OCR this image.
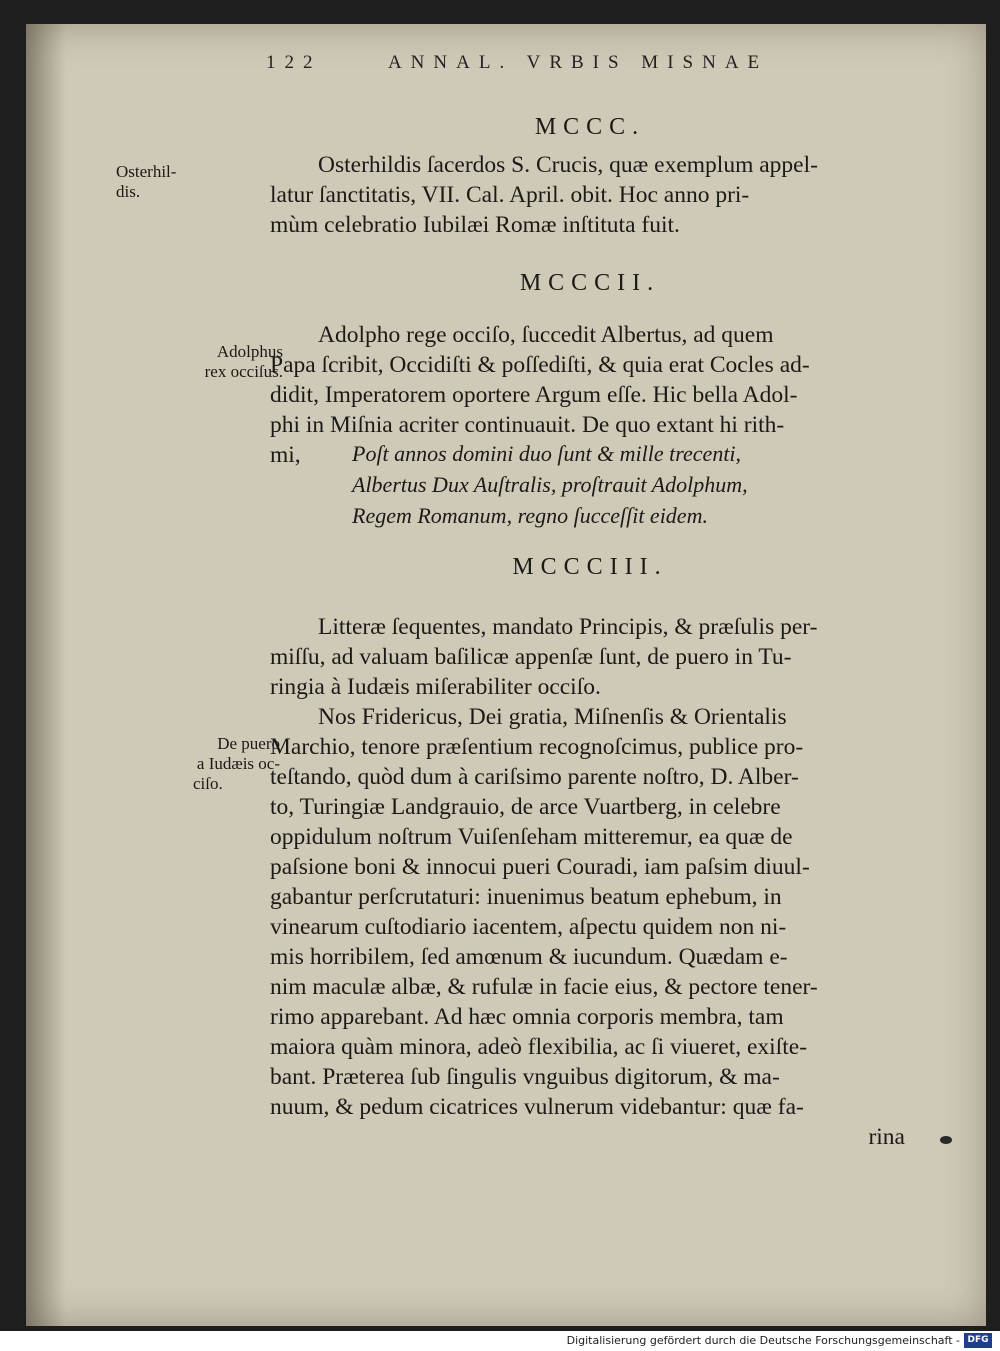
122	ANNAL. VRBIS MISNAE
MCCC.
Osterhil-
dis.
Osterhildis ſacerdos S. Crucis, quæ exemplum appel-
latur ſanctitatis, VII. Cal. April. obit. Hoc anno pri-
mùm celebratio Iubilæi Romæ inſtituta fuit.
MCCCII.
Adolphus
rex occiſus.
Adolpho rege occiſo, ſuccedit Albertus, ad quem
Papa ſcribit, Occidiſti & poſſediſti, & quia erat Cocles ad-
didit, Imperatorem oportere Argum eſſe. Hic bella Adol-
phi in Miſnia acriter continuauit. De quo extant hi rith-
mi,	Poſt annos domini duo ſunt & mille trecenti,
Albertus Dux Auſtralis, proſtrauit Adolphum,
Regem Romanum, regno ſucceſſit eidem.
MCCCIII.
Litteræ ſequentes, mandato Principis, & præſulis per-
miſſu, ad valuam baſilicæ appenſæ ſunt, de puero in Tu-
ringia à Iudæis miſerabiliter occiſo.
De puero
a Iudæis oc-
ciſo.
Nos Fridericus, Dei gratia, Miſnenſis & Orientalis
Marchio, tenore præſentium recognoſcimus, publice pro-
teſtando, quòd dum à cariſsimo parente noſtro, D. Alber-
to, Turingiæ Landgrauio, de arce Vuartberg, in celebre
oppidulum noſtrum Vuiſenſeham mitteremur, ea quæ de
paſsione boni & innocui pueri Couradi, iam paſsim diuul-
gabantur perſcrutaturi: inuenimus beatum ephebum, in
vinearum cuſtodiario iacentem, aſpectu quidem non ni-
mis horribilem, ſed amœnum & iucundum. Quædam e-
nim maculæ albæ, & rufulæ in facie eius, & pectore tener-
rimo apparebant. Ad hæc omnia corporis membra, tam
maiora quàm minora, adeò flexibilia, ac ſi viueret, exiſte-
bant. Præterea ſub ſingulis vnguibus digitorum, & ma-
nuum, & pedum cicatrices vulnerum videbantur: quæ fa-
rina
Digitalisierung gefördert durch die Deutsche Forschungsgemeinschaft - DFG
